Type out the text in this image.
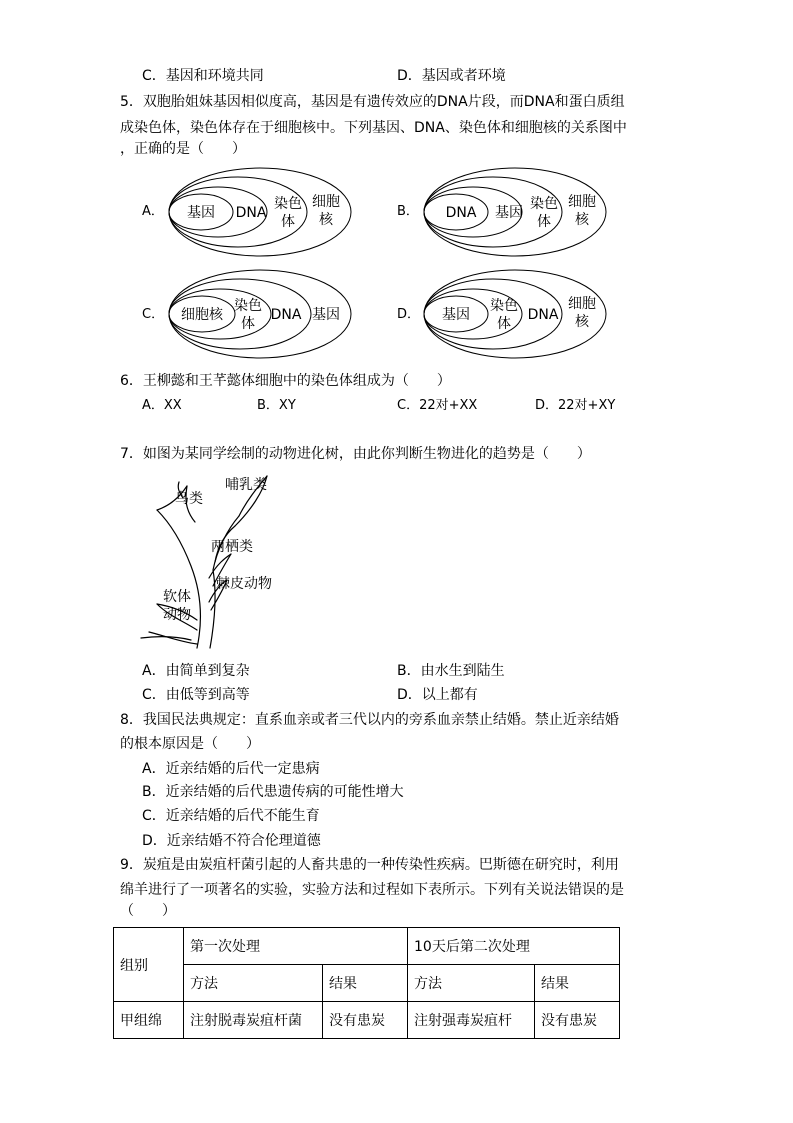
C．基因和环境共同	D．基因或者环境
5．双胞胎姐妹基因相似度高，基因是有遗传效应的DNA片段，而DNA和蛋白质组
成染色体，染色体存在于细胞核中。下列基因、DNA、染色体和细胞核的关系图中
，正确的是（　　）
A．	B．
C．	D．
基因 DNA
染色
体
细胞
核	DNA 基因
染色
体
细胞
核
细胞核
染色
体
DNA 基因	基因
染色
体
DNA
细胞
核
6．王柳懿和王芊懿体细胞中的染色体组成为（　　）
A．XX	B．XY	C．22对+XX	D．22对+XY
7．如图为某同学绘制的动物进化树，由此你判断生物进化的趋势是（　　）
哺乳类
鸟类
两栖类
棘皮动物
软体
动物
A．由简单到复杂	B．由水生到陆生
C．由低等到高等	D．以上都有
8．我国民法典规定：直系血亲或者三代以内的旁系血亲禁止结婚。禁止近亲结婚
的根本原因是（　　）
A．近亲结婚的后代一定患病
B．近亲结婚的后代患遗传病的可能性增大
C．近亲结婚的后代不能生育
D．近亲结婚不符合伦理道德
9．炭疽是由炭疽杆菌引起的人畜共患的一种传染性疾病。巴斯德在研究时，利用
绵羊进行了一项著名的实验，实验方法和过程如下表所示。下列有关说法错误的是
（　　）
组别	第一次处理		10天后第二次处理	
	方法	结果	方法	结果
甲组绵	注射脱毒炭疽杆菌	没有患炭	注射强毒炭疽杆	没有患炭
